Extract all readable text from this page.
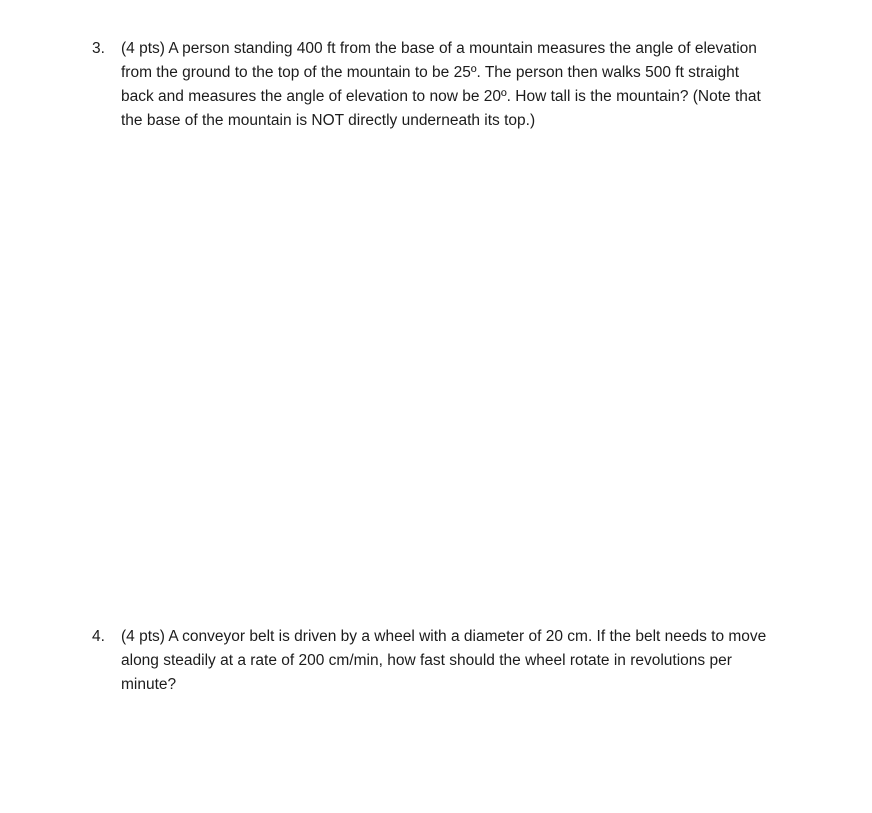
3.	(4 pts) A person standing 400 ft from the base of a mountain measures the angle of elevation
from the ground to the top of the mountain to be 25º. The person then walks 500 ft straight
back and measures the angle of elevation to now be 20º. How tall is the mountain? (Note that
the base of the mountain is NOT directly underneath its top.)
4.	(4 pts) A conveyor belt is driven by a wheel with a diameter of 20 cm. If the belt needs to move
along steadily at a rate of 200 cm/min, how fast should the wheel rotate in revolutions per
minute?
